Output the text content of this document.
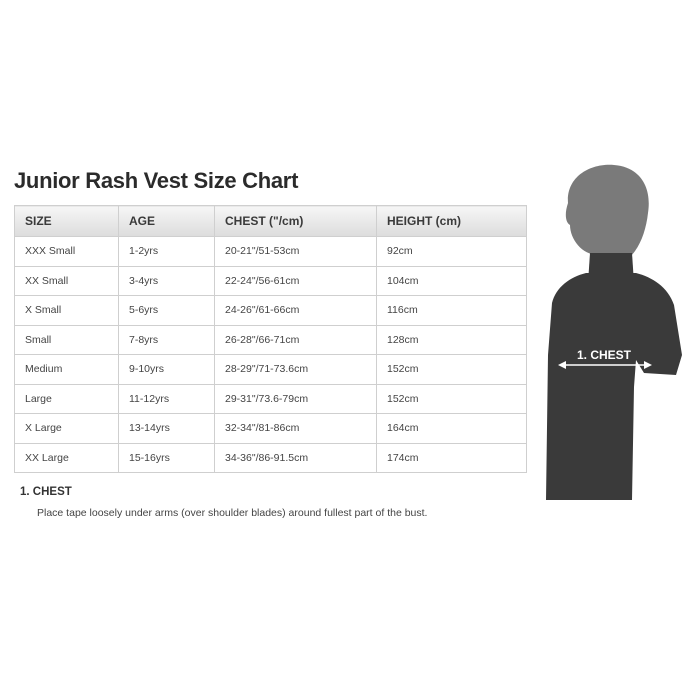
Junior Rash Vest Size Chart
SIZE	AGE	CHEST ("/cm)	HEIGHT (cm)
XXX Small	1-2yrs	20-21"/51-53cm	92cm
XX Small	3-4yrs	22-24"/56-61cm	104cm
X Small	5-6yrs	24-26"/61-66cm	116cm
Small	7-8yrs	26-28"/66-71cm	128cm
Medium	9-10yrs	28-29"/71-73.6cm	152cm
Large	11-12yrs	29-31"/73.6-79cm	152cm
X Large	13-14yrs	32-34"/81-86cm	164cm
XX Large	15-16yrs	34-36"/86-91.5cm	174cm
1. CHEST
Place tape loosely under arms (over shoulder blades) around fullest part of the bust.
1. CHEST
